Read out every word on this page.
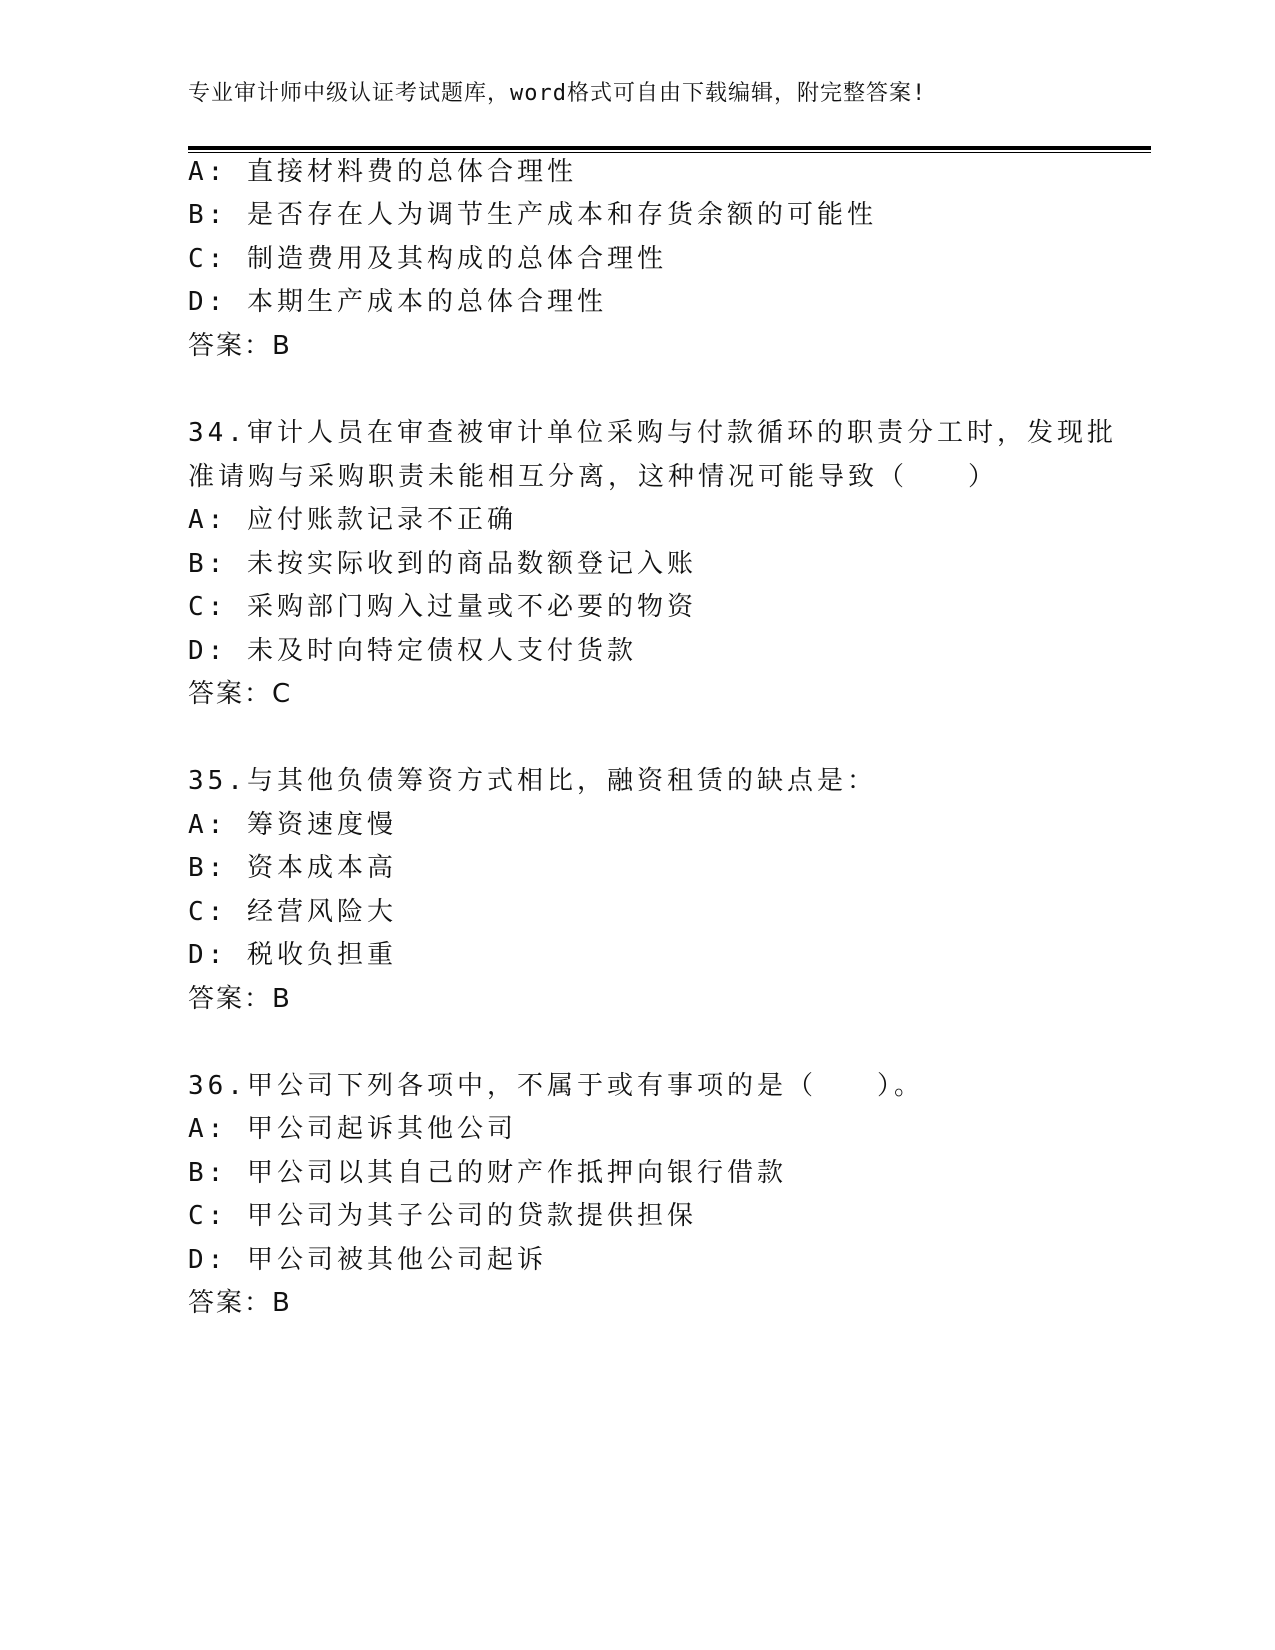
专业审计师中级认证考试题库，word格式可自由下载编辑，附完整答案!
A: 直接材料费的总体合理性
B: 是否存在人为调节生产成本和存货余额的可能性
C: 制造费用及其构成的总体合理性
D: 本期生产成本的总体合理性
答案：B
34.审计人员在审查被审计单位采购与付款循环的职责分工时，发现批
准请购与采购职责未能相互分离，这种情况可能导致（　　）
A: 应付账款记录不正确
B: 未按实际收到的商品数额登记入账
C: 采购部门购入过量或不必要的物资
D: 未及时向特定债权人支付货款
答案：C
35.与其他负债筹资方式相比，融资租赁的缺点是：
A: 筹资速度慢
B: 资本成本高
C: 经营风险大
D: 税收负担重
答案：B
36.甲公司下列各项中，不属于或有事项的是（　　）。
A: 甲公司起诉其他公司
B: 甲公司以其自己的财产作抵押向银行借款
C: 甲公司为其子公司的贷款提供担保
D: 甲公司被其他公司起诉
答案：B
